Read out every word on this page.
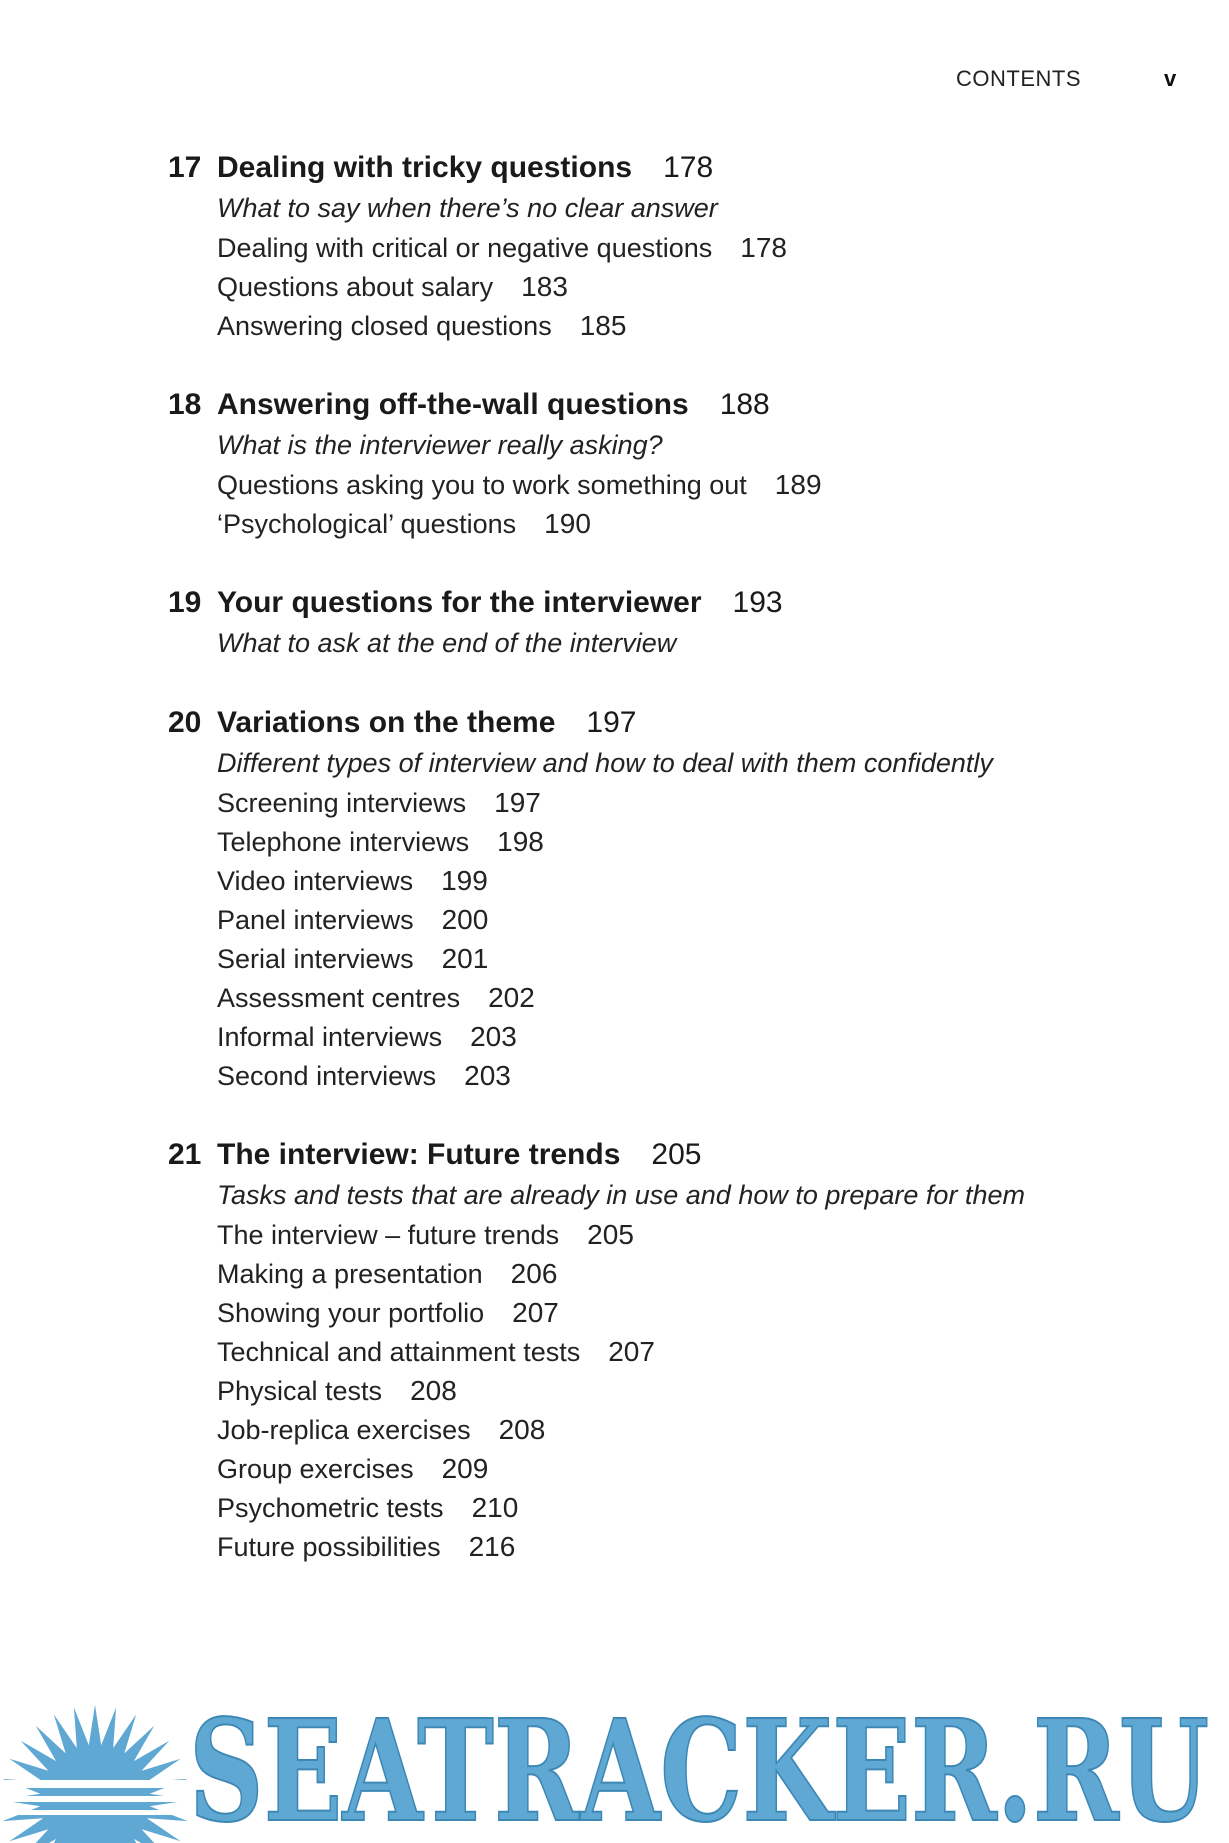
CONTENTS	v
17 Dealing with tricky questions 178
What to say when there’s no clear answer
Dealing with critical or negative questions 178
Questions about salary 183
Answering closed questions 185
18 Answering off-the-wall questions 188
What is the interviewer really asking?
Questions asking you to work something out 189
‘Psychological’ questions 190
19 Your questions for the interviewer 193
What to ask at the end of the interview
20 Variations on the theme 197
Different types of interview and how to deal with them confidently
Screening interviews 197
Telephone interviews 198
Video interviews 199
Panel interviews 200
Serial interviews 201
Assessment centres 202
Informal interviews 203
Second interviews 203
21 The interview: Future trends 205
Tasks and tests that are already in use and how to prepare for them
The interview – future trends 205
Making a presentation 206
Showing your portfolio 207
Technical and attainment tests 207
Physical tests 208
Job-replica exercises 208
Group exercises 209
Psychometric tests 210
Future possibilities 216
SEATRACKER.RU
